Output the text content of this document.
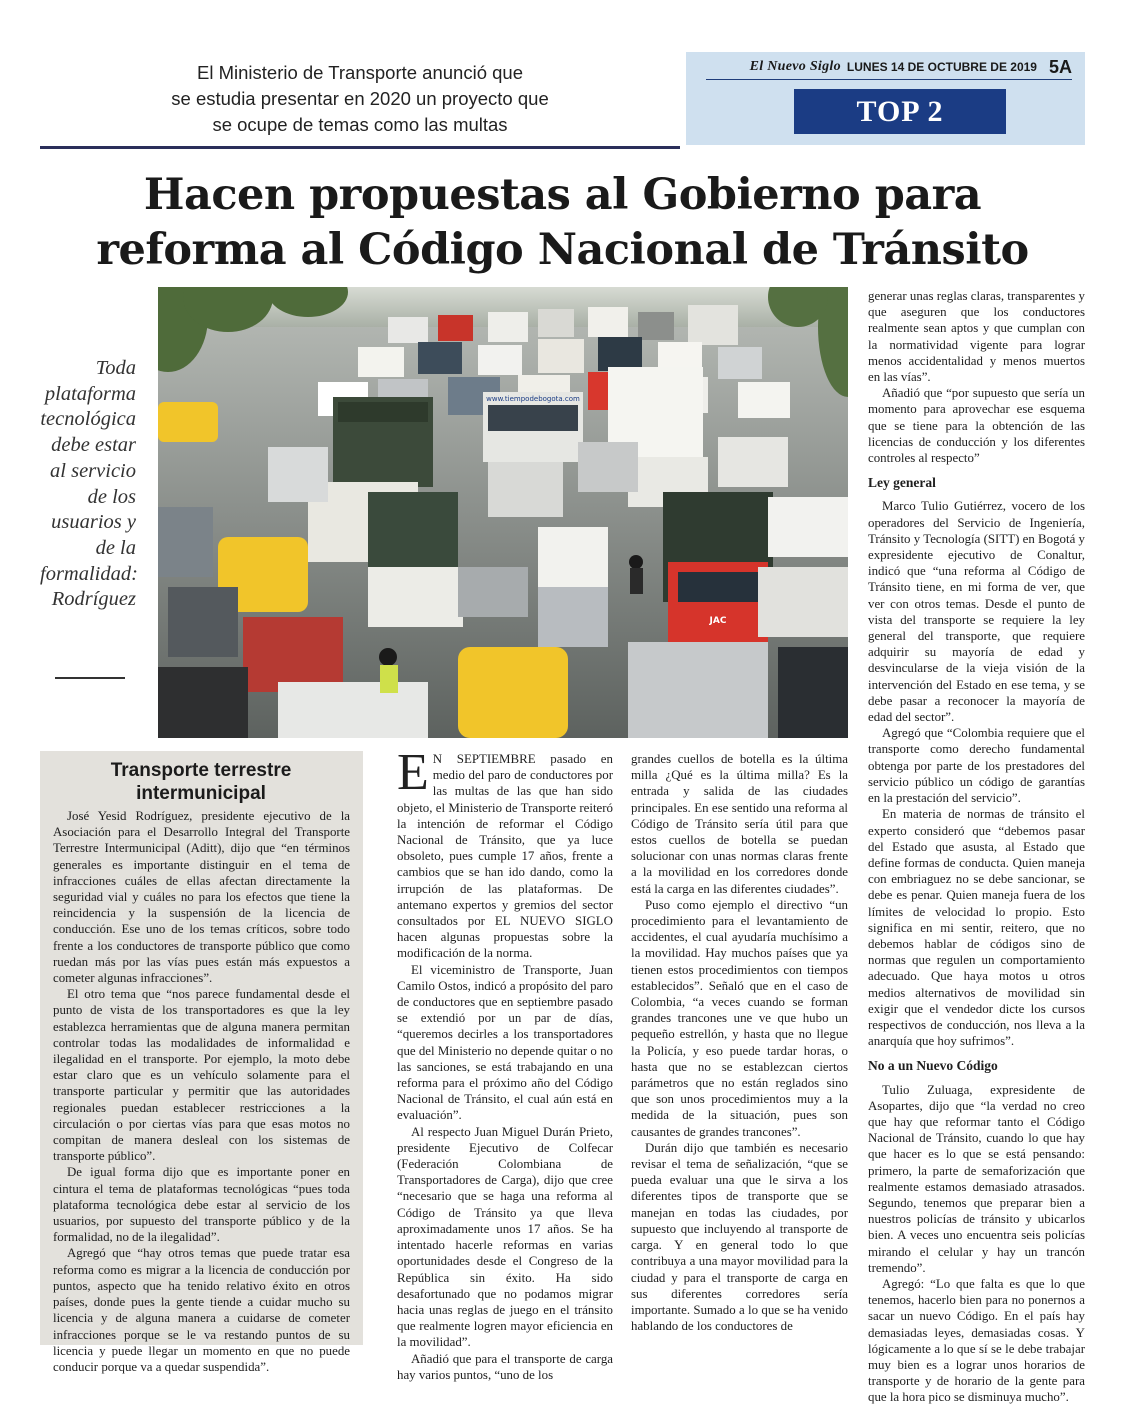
El Ministerio de Transporte anunció que
se estudia presentar en 2020 un proyecto que
se ocupe de temas como las multas
El Nuevo Siglo LUNES 14 DE OCTUBRE DE 2019 5A
TOP 2
Hacen propuestas al Gobierno para
reforma al Código Nacional de Tránsito
www.tiempodebogota.com
JAC
Toda plataforma tecnológica debe estar al servicio de los usuarios y de la formalidad: Rodríguez
Transporte terrestre intermunicipal

José Yesid Rodríguez, presidente ejecutivo de la Asociación para el Desarrollo Integral del Transporte Terrestre Intermunicipal (Aditt), dijo que “en términos generales es importante distinguir en el tema de infracciones cuáles de ellas afectan directamente la seguridad vial y cuáles no para los efectos que tiene la reincidencia y la suspensión de la licencia de conducción. Ese uno de los temas críticos, sobre todo frente a los conductores de transporte público que como ruedan más por las vías pues están más expuestos a cometer algunas infracciones”.

El otro tema que “nos parece fundamental desde el punto de vista de los transportadores es que la ley establezca herramientas que de alguna manera permitan controlar todas las modalidades de informalidad e ilegalidad en el transporte. Por ejemplo, la moto debe estar claro que es un vehículo solamente para el transporte particular y permitir que las autoridades regionales puedan establecer restricciones a la circulación o por ciertas vías para que esas motos no compitan de manera desleal con los sistemas de transporte público”.

De igual forma dijo que es importante poner en cintura el tema de plataformas tecnológicas “pues toda plataforma tecnológica debe estar al servicio de los usuarios, por supuesto del transporte público y de la formalidad, no de la ilegalidad”.

Agregó que “hay otros temas que puede tratar esa reforma como es migrar a la licencia de conducción por puntos, aspecto que ha tenido relativo éxito en otros países, donde pues la gente tiende a cuidar mucho su licencia y de alguna manera a cuidarse de cometer infracciones porque se le va restando puntos de su licencia y puede llegar un momento en que no puede conducir porque va a quedar suspendida”.

E N SEPTIEMBRE pasado en medio del paro de conductores por las multas de las que han sido objeto, el Ministerio de Transporte reiteró la intención de reformar el Código Nacional de Tránsito, que ya luce obsoleto, pues cumple 17 años, frente a cambios que se han ido dando, como la irrupción de las plataformas. De antemano expertos y gremios del sector consultados por EL NUEVO SIGLO hacen algunas propuestas sobre la modificación de la norma.

El viceministro de Transporte, Juan Camilo Ostos, indicó a propósito del paro de conductores que en septiembre pasado se extendió por un par de días, “queremos decirles a los transportadores que del Ministerio no depende quitar o no las sanciones, se está trabajando en una reforma para el próximo año del Código Nacional de Tránsito, el cual aún está en evaluación”.

Al respecto Juan Miguel Durán Prieto, presidente Ejecutivo de Colfecar (Federación Colombiana de Transportadores de Carga), dijo que cree “necesario que se haga una reforma al Código de Tránsito ya que lleva aproximadamente unos 17 años. Se ha intentado hacerle reformas en varias oportunidades desde el Congreso de la República sin éxito. Ha sido desafortunado que no podamos migrar hacia unas reglas de juego en el tránsito que realmente logren mayor eficiencia en la movilidad”.

Añadió que para el transporte de carga hay varios puntos, “uno de los

grandes cuellos de botella es la última milla ¿Qué es la última milla? Es la entrada y salida de las ciudades principales. En ese sentido una reforma al Código de Tránsito sería útil para que estos cuellos de botella se puedan solucionar con unas normas claras frente a la movilidad en los corredores donde está la carga en las diferentes ciudades”.

Puso como ejemplo el directivo “un procedimiento para el levantamiento de accidentes, el cual ayudaría muchísimo a la movilidad. Hay muchos países que ya tienen estos procedimientos con tiempos establecidos”. Señaló que en el caso de Colombia, “a veces cuando se forman grandes trancones une ve que hubo un pequeño estrellón, y hasta que no llegue la Policía, y eso puede tardar horas, o hasta que no se establezcan ciertos parámetros que no están reglados sino que son unos procedimientos muy a la medida de la situación, pues son causantes de grandes trancones”.

Durán dijo que también es necesario revisar el tema de señalización, “que se pueda evaluar una que le sirva a los diferentes tipos de transporte que se manejan en todas las ciudades, por supuesto que incluyendo al transporte de carga. Y en general todo lo que contribuya a una mayor movilidad para la ciudad y para el transporte de carga en sus diferentes corredores sería importante. Sumado a lo que se ha venido hablando de los conductores de

generar unas reglas claras, transparentes y que aseguren que los conductores realmente sean aptos y que cumplan con la normatividad vigente para lograr menos accidentalidad y menos muertos en las vías”.

Añadió que “por supuesto que sería un momento para aprovechar ese esquema que se tiene para la obtención de las licencias de conducción y los diferentes controles al respecto”

Ley general

Marco Tulio Gutiérrez, vocero de los operadores del Servicio de Ingeniería, Tránsito y Tecnología (SITT) en Bogotá y expresidente ejecutivo de Conaltur, indicó que “una reforma al Código de Tránsito tiene, en mi forma de ver, que ver con otros temas. Desde el punto de vista del transporte se requiere la ley general del transporte, que requiere adquirir su mayoría de edad y desvincularse de la vieja visión de la intervención del Estado en ese tema, y se debe pasar a reconocer la mayoría de edad del sector”.

Agregó que “Colombia requiere que el transporte como derecho fundamental obtenga por parte de los prestadores del servicio público un código de garantías en la prestación del servicio”.

En materia de normas de tránsito el experto consideró que “debemos pasar del Estado que asusta, al Estado que define formas de conducta. Quien maneja con embriaguez no se debe sancionar, se debe es penar. Quien maneja fuera de los límites de velocidad lo propio. Esto significa en mi sentir, reitero, que no debemos hablar de códigos sino de normas que regulen un comportamiento adecuado. Que haya motos u otros medios alternativos de movilidad sin exigir que el vendedor dicte los cursos respectivos de conducción, nos lleva a la anarquía que hoy sufrimos”.

No a un Nuevo Código

Tulio Zuluaga, expresidente de Asopartes, dijo que “la verdad no creo que hay que reformar tanto el Código Nacional de Tránsito, cuando lo que hay que hacer es lo que se está pensando: primero, la parte de semaforización que realmente estamos demasiado atrasados. Segundo, tenemos que preparar bien a nuestros policías de tránsito y ubicarlos bien. A veces uno encuentra seis policías mirando el celular y hay un trancón tremendo”.

Agregó: “Lo que falta es que lo que tenemos, hacerlo bien para no ponernos a sacar un nuevo Código. En el país hay demasiadas leyes, demasiadas cosas. Y lógicamente a lo que sí se le debe trabajar muy bien es a lograr unos horarios de transporte y de horario de la gente para que la hora pico se disminuya mucho”.
